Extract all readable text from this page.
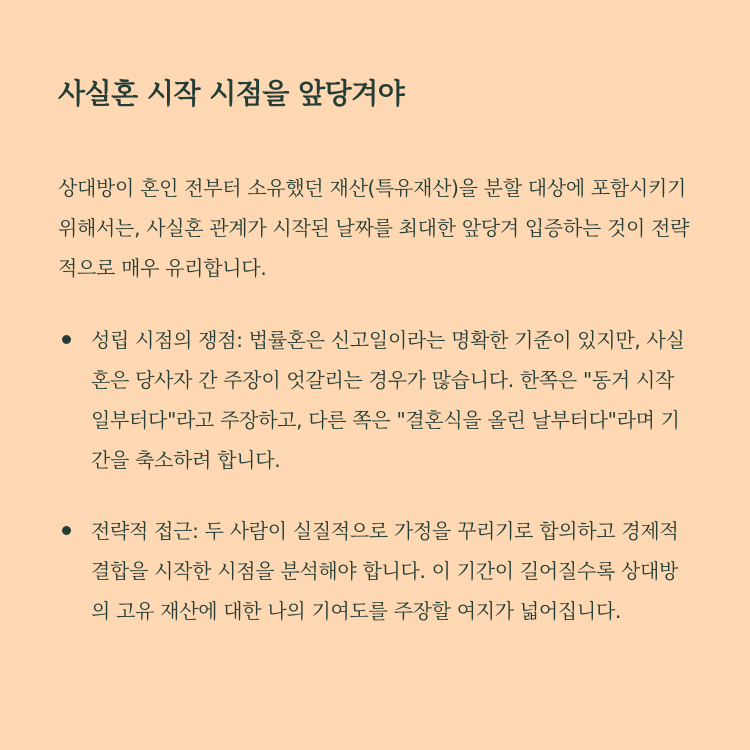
사실혼 시작 시점을 앞당겨야

상대방이 혼인 전부터 소유했던 재산(특유재산)을 분할 대상에 포함시키기 위해서는, 사실혼 관계가 시작된 날짜를 최대한 앞당겨 입증하는 것이 전략적으로 매우 유리합니다.

성립 시점의 쟁점: 법률혼은 신고일이라는 명확한 기준이 있지만, 사실혼은 당사자 간 주장이 엇갈리는 경우가 많습니다. 한쪽은 "동거 시작일부터다"라고 주장하고, 다른 쪽은 "결혼식을 올린 날부터다"라며 기간을 축소하려 합니다.
전략적 접근: 두 사람이 실질적으로 가정을 꾸리기로 합의하고 경제적 결합을 시작한 시점을 분석해야 합니다. 이 기간이 길어질수록 상대방의 고유 재산에 대한 나의 기여도를 주장할 여지가 넓어집니다.
